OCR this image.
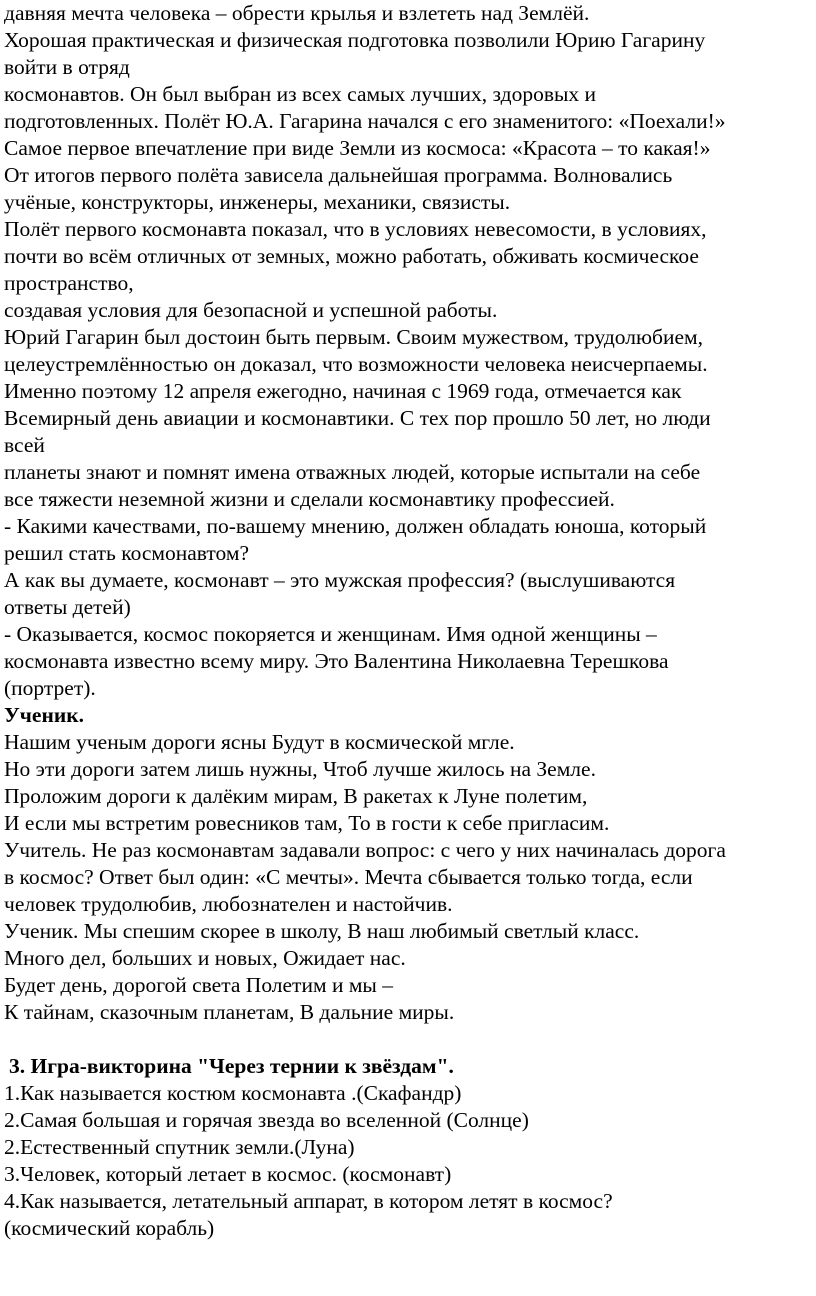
давняя мечта человека – обрести крылья и взлететь над Землёй.
Хорошая практическая и физическая подготовка позволили Юрию Гагарину
войти в отряд
космонавтов. Он был выбран из всех самых лучших, здоровых и
подготовленных. Полёт Ю.А. Гагарина начался с его знаменитого: «Поехали!»
Самое первое впечатление при виде Земли из космоса: «Красота – то какая!»
От итогов первого полёта зависела дальнейшая программа. Волновались
учёные, конструкторы, инженеры, механики, связисты.
Полёт первого космонавта показал, что в условиях невесомости, в условиях,
почти во всём отличных от земных, можно работать, обживать космическое
пространство,
создавая условия для безопасной и успешной работы.
Юрий Гагарин был достоин быть первым. Своим мужеством, трудолюбием,
целеустремлённостью он доказал, что возможности человека неисчерпаемы.
Именно поэтому 12 апреля ежегодно, начиная с 1969 года, отмечается как
Всемирный день авиации и космонавтики. С тех пор прошло 50 лет, но люди
всей
планеты знают и помнят имена отважных людей, которые испытали на себе
все тяжести неземной жизни и сделали космонавтику профессией.
- Какими качествами, по-вашему мнению, должен обладать юноша, который
решил стать космонавтом?
А как вы думаете, космонавт – это мужская профессия? (выслушиваются
ответы детей)
- Оказывается, космос покоряется и женщинам. Имя одной женщины –
космонавта известно всему миру. Это Валентина Николаевна Терешкова
(портрет).
Ученик.
Нашим ученым дороги ясны Будут в космической мгле.
Но эти дороги затем лишь нужны, Чтоб лучше жилось на Земле.
Проложим дороги к далёким мирам, В ракетах к Луне полетим,
И если мы встретим ровесников там, То в гости к себе пригласим.
Учитель. Не раз космонавтам задавали вопрос: с чего у них начиналась дорога
в космос? Ответ был один: «С мечты». Мечта сбывается только тогда, если
человек трудолюбив, любознателен и настойчив.
Ученик. Мы спешим скорее в школу, В наш любимый светлый класс.
Много дел, больших и новых, Ожидает нас.
Будет день, дорогой света Полетим и мы –
К тайнам, сказочным планетам, В дальние миры.
3. Игра-викторина "Через тернии к звёздам".
1.Как называется костюм космонавта .(Скафандр)
2.Самая большая и горячая звезда во вселенной (Солнце)
2.Естественный спутник земли.(Луна)
3.Человек, который летает в космос. (космонавт)
4.Как называется, летательный аппарат, в котором летят в космос?
(космический корабль)
